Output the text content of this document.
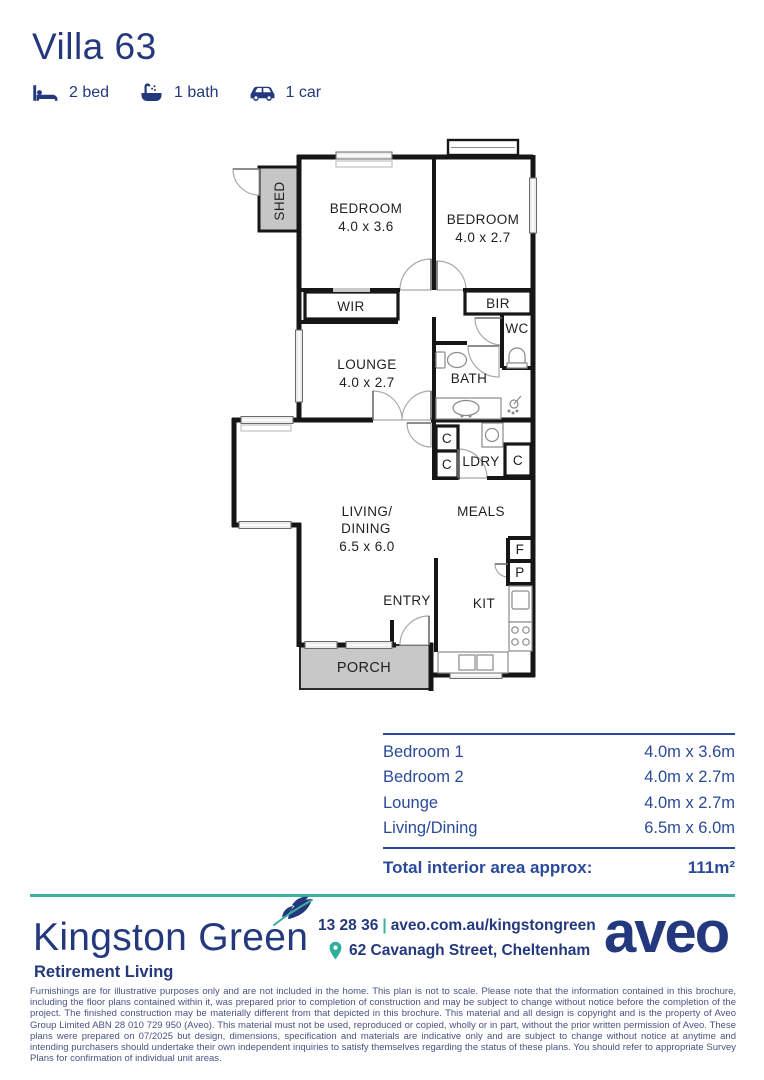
Villa 63
2 bed	1 bath	1 car
SHED	BEDROOM
4.0 x 3.6	BEDROOM
4.0 x 2.7
WIR	BIR
WC
LOUNGE
4.0 x 2.7	BATH
C
C LDRY C
LIVING/
DINING
6.5 x 6.0
MEALS
F
P
ENTRY	KIT
PORCH
Bedroom 1	4.0m x 3.6m
Bedroom 2	4.0m x 2.7m
Lounge	4.0m x 2.7m
Living/Dining	6.5m x 6.0m
Total interior area approx:	111m²
Kingston Green
Retirement Living
13 28 36 | aveo.com.au/kingstongreen
62 Cavanagh Street, Cheltenham aveo

Furnishings are for illustrative purposes only and are not included in the home. This plan is not to scale. Please note that the information contained in this brochure, including the floor plans contained within it, was prepared prior to completion of construction and may be subject to change without notice before the completion of the project. The finished construction may be materially different from that depicted in this brochure. This material and all design is copyright and is the property of Aveo Group Limited ABN 28 010 729 950 (Aveo). This material must not be used, reproduced or copied, wholly or in part, without the prior written permission of Aveo. These plans were prepared on 07/2025 but design, dimensions, specification and materials are indicative only and are subject to change without notice at anytime and intending purchasers should undertake their own independent inquiries to satisfy themselves regarding the status of these plans. You should refer to appropriate Survey Plans for confirmation of individual unit areas.
